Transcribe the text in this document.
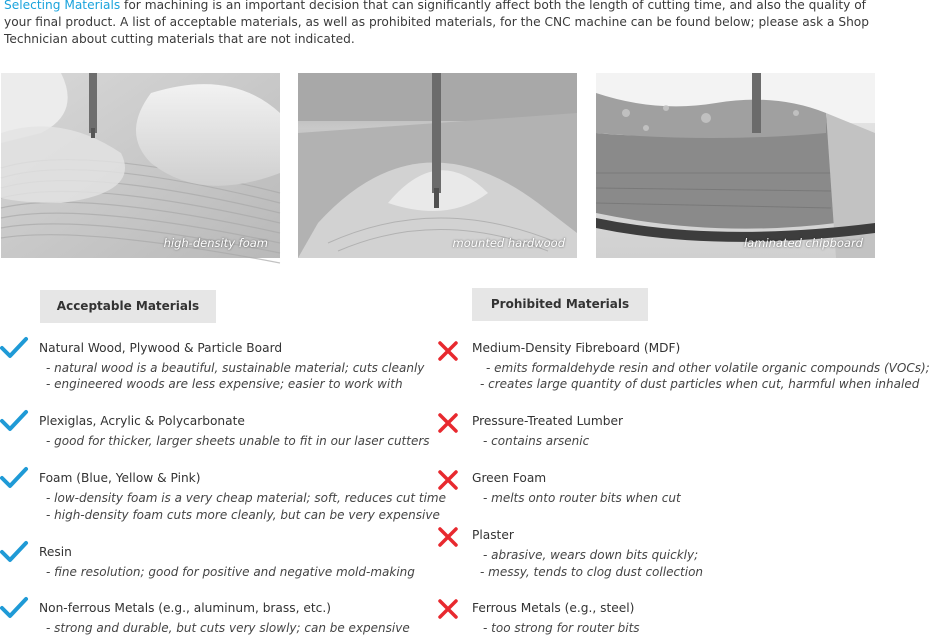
Selecting Materials for machining is an important decision that can significantly affect both the length of cutting time, and also the quality of your final product. A list of acceptable materials, as well as prohibited materials, for the CNC machine can be found below; please ask a Shop Technician about cutting materials that are not indicated.
high-density foam	mounted hardwood	laminated chipboard
Acceptable Materials	Prohibited Materials
Natural Wood, Plywood & Particle Board
- natural wood is a beautiful, sustainable material; cuts cleanly
- engineered woods are less expensive; easier to work with
Plexiglas, Acrylic & Polycarbonate
- good for thicker, larger sheets unable to fit in our laser cutters
Foam (Blue, Yellow & Pink)
- low-density foam is a very cheap material; soft, reduces cut time
- high-density foam cuts more cleanly, but can be very expensive
Resin
- fine resolution; good for positive and negative mold-making
Non-ferrous Metals (e.g., aluminum, brass, etc.)
- strong and durable, but cuts very slowly; can be expensive
Medium-Density Fibreboard (MDF)
- emits formaldehyde resin and other volatile organic compounds (VOCs);
- creates large quantity of dust particles when cut, harmful when inhaled
Pressure-Treated Lumber
- contains arsenic
Green Foam
- melts onto router bits when cut
Plaster
- abrasive, wears down bits quickly;
- messy, tends to clog dust collection
Ferrous Metals (e.g., steel)
- too strong for router bits
